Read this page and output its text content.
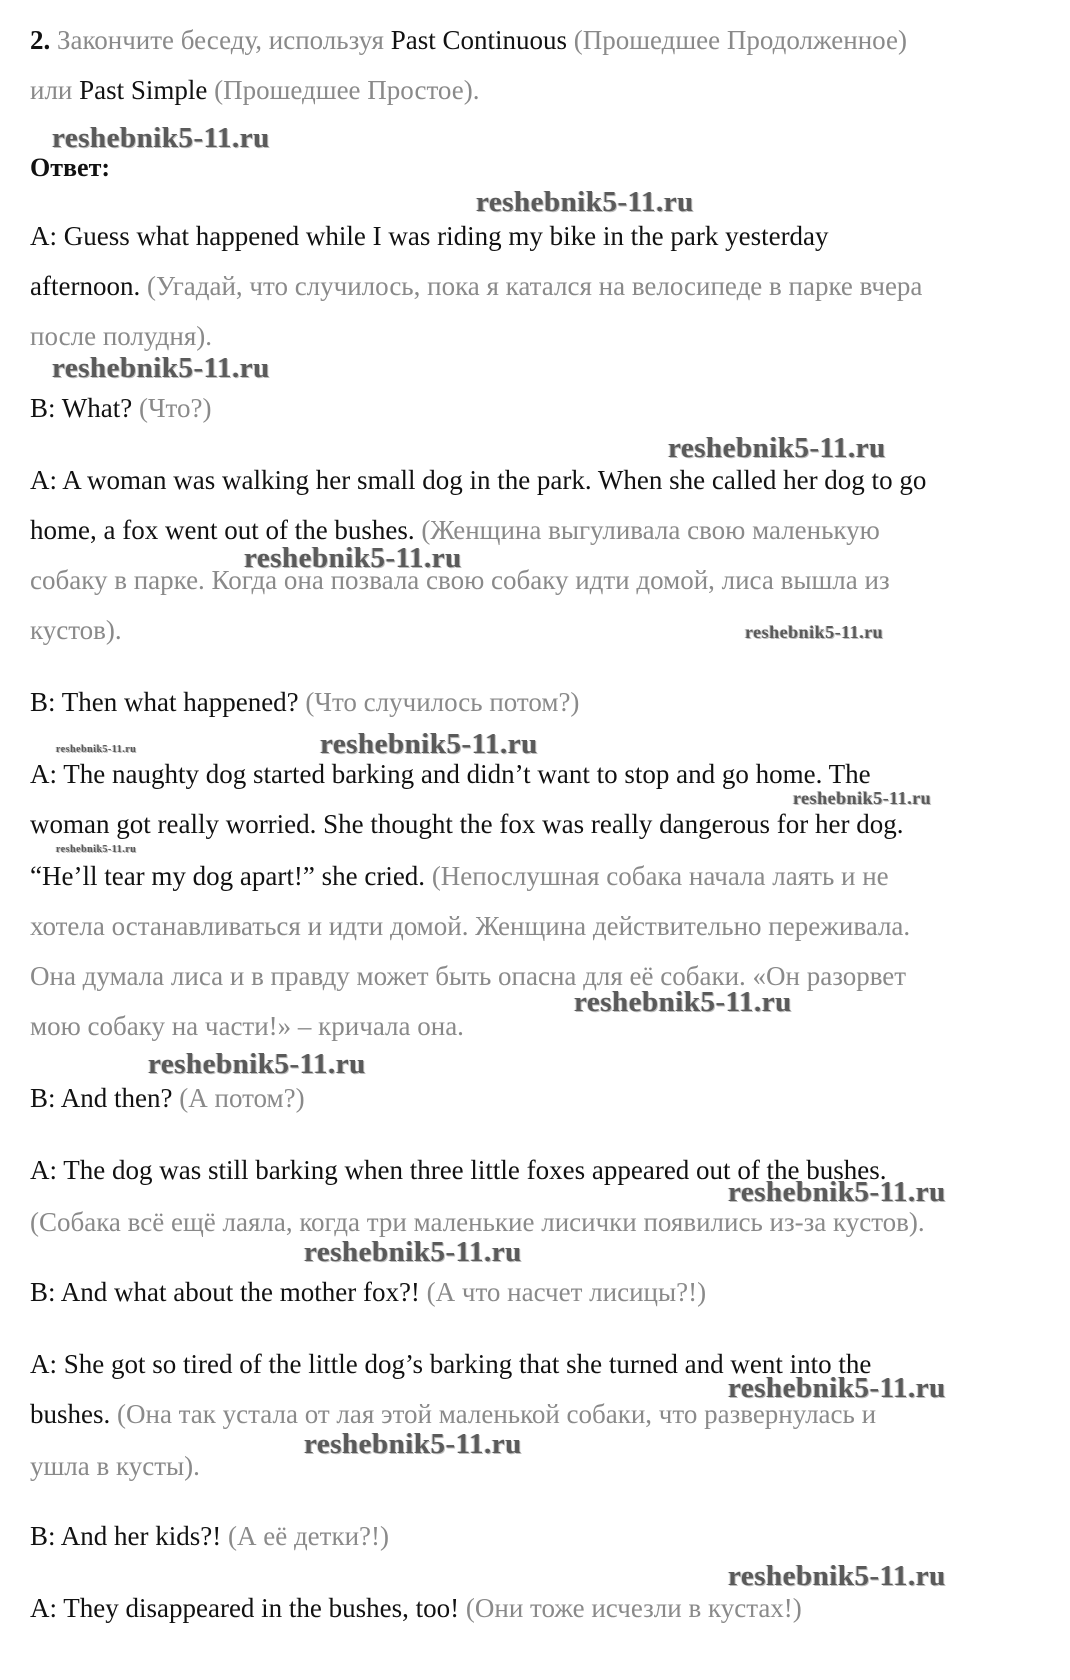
2. Закончите беседу, используя Past Continuous (Прошедшее Продолженное)
или Past Simple (Прошедшее Простое).
Ответ:
A: Guess what happened while I was riding my bike in the park yesterday
afternoon. (Угадай, что случилось, пока я катался на велосипеде в парке вчера
после полудня).
B: What? (Что?)
A: A woman was walking her small dog in the park. When she called her dog to go
home, a fox went out of the bushes. (Женщина выгуливала свою маленькую
собаку в парке. Когда она позвала свою собаку идти домой, лиса вышла из
кустов).
B: Then what happened? (Что случилось потом?)
A: The naughty dog started barking and didn’t want to stop and go home. The
woman got really worried. She thought the fox was really dangerous for her dog.
“He’ll tear my dog apart!” she cried. (Непослушная собака начала лаять и не
хотела останавливаться и идти домой. Женщина действительно переживала.
Она думала лиса и в правду может быть опасна для её собаки. «Он разорвет
мою собаку на части!» – кричала она.
B: And then? (А потом?)
A: The dog was still barking when three little foxes appeared out of the bushes.
(Собака всё ещё лаяла, когда три маленькие лисички появились из-за кустов).
B: And what about the mother fox?! (А что насчет лисицы?!)
A: She got so tired of the little dog’s barking that she turned and went into the
bushes. (Она так устала от лая этой маленькой собаки, что развернулась и
ушла в кусты).
B: And her kids?! (А её детки?!)
A: They disappeared in the bushes, too! (Они тоже исчезли в кустах!)
reshebnik5-11.ru
reshebnik5-11.ru
reshebnik5-11.ru
reshebnik5-11.ru
reshebnik5-11.ru
reshebnik5-11.ru
reshebnik5-11.ru	reshebnik5-11.ru
reshebnik5-11.ru
reshebnik5-11.ru
reshebnik5-11.ru
reshebnik5-11.ru
reshebnik5-11.ru
reshebnik5-11.ru
reshebnik5-11.ru
reshebnik5-11.ru
reshebnik5-11.ru
